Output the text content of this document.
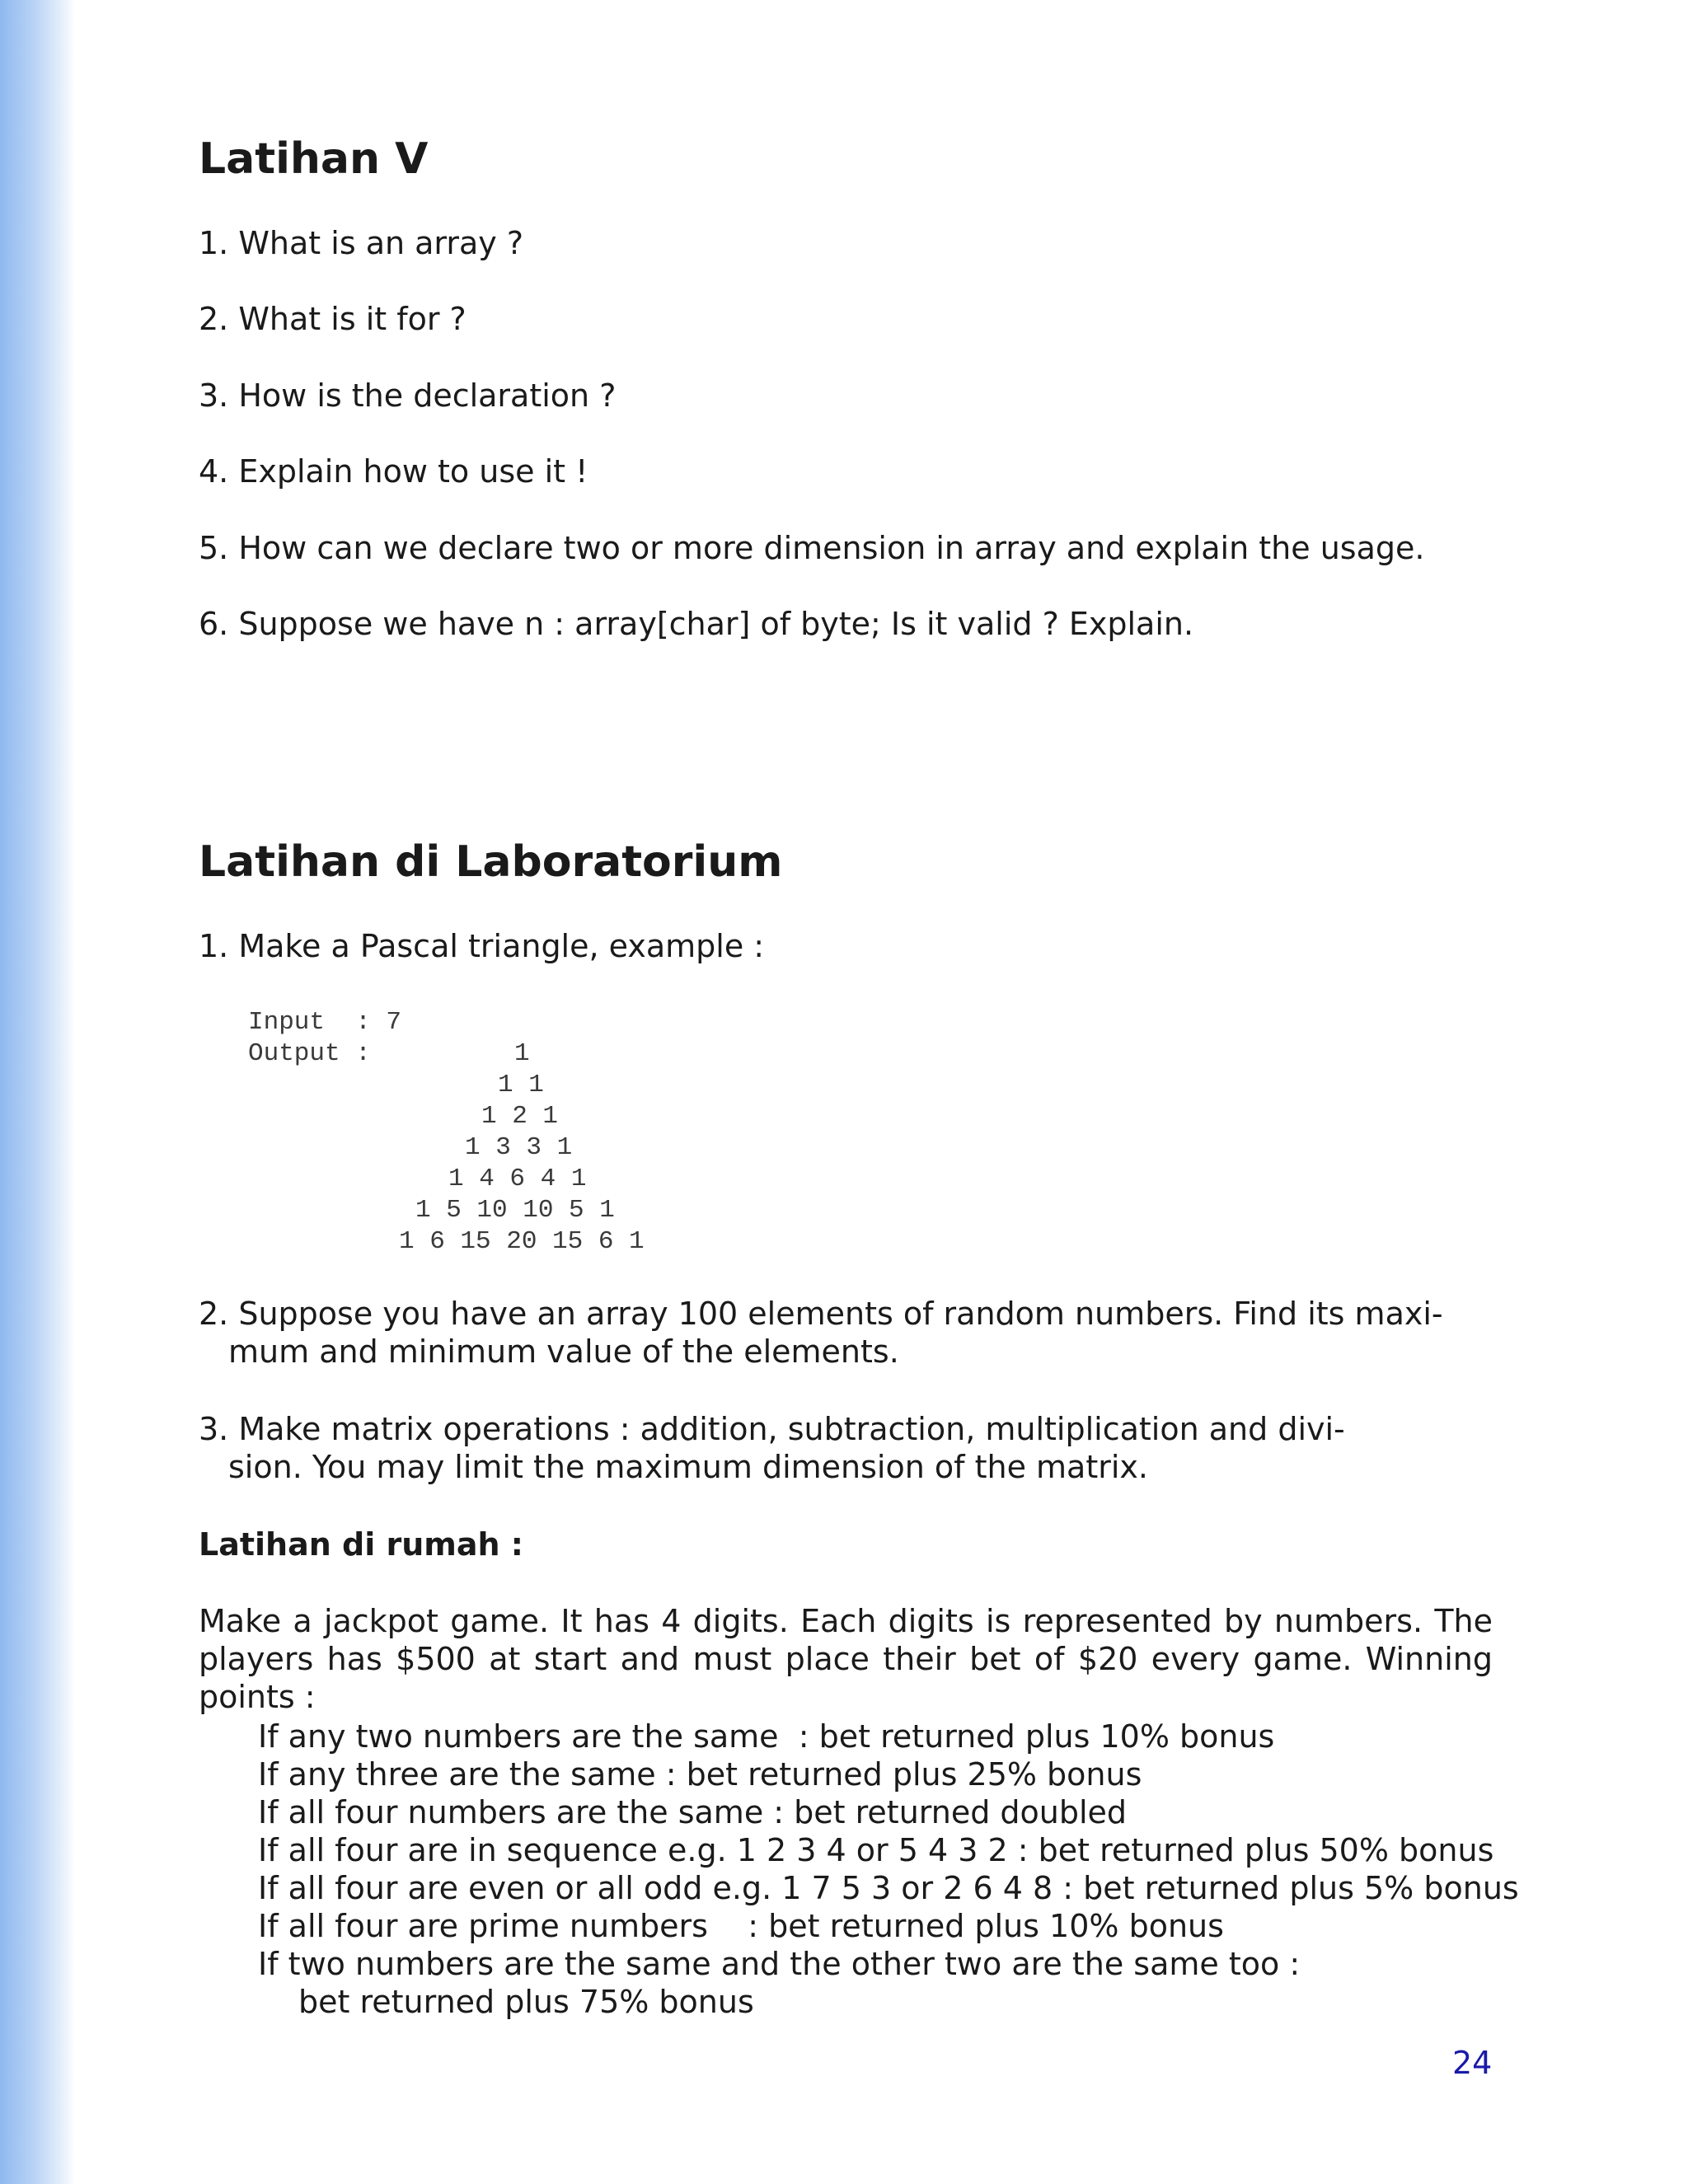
Latihan V

1. What is an array ?

2. What is it for ?

3. How is the declaration ?

4. Explain how to use it !

5. How can we declare two or more dimension in array and explain the usage.

6. Suppose we have n : array[char] of byte; Is it valid ? Explain.

Latihan di Laboratorium

1. Make a Pascal triangle, example :

Input  : 7
Output :	1
1 1
1 2 1
1 3 3 1
1 4 6 4 1
1 5 10 10 5 1
1 6 15 20 15 6 1

2. Suppose you have an array 100 elements of random numbers. Find its maxi-

mum and minimum value of the elements.

3. Make matrix operations : addition, subtraction, multiplication and divi-

sion. You may limit the maximum dimension of the matrix.

Latihan di rumah :

Make a jackpot game. It has 4 digits. Each digits is represented by numbers. The players has $500 at start and must place their bet of $20 every game. Winning points :

If any two numbers are the same  : bet returned plus 10% bonus

If any three are the same : bet returned plus 25% bonus

If all four numbers are the same : bet returned doubled

If all four are in sequence e.g. 1 2 3 4 or 5 4 3 2 : bet returned plus 50% bonus

If all four are even or all odd e.g. 1 7 5 3 or 2 6 4 8 : bet returned plus 5% bonus

If all four are prime numbers    : bet returned plus 10% bonus

If two numbers are the same and the other two are the same too :

bet returned plus 75% bonus

24
